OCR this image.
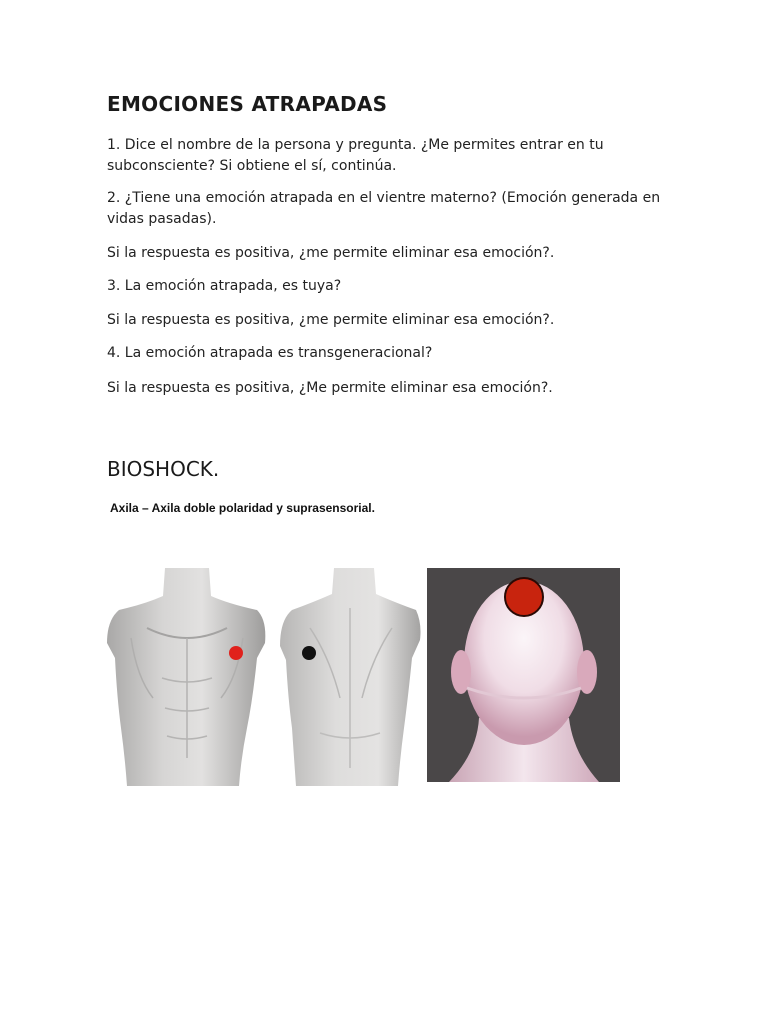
EMOCIONES ATRAPADAS

1. Dice el nombre de la persona y pregunta. ¿Me permites entrar en tu subconsciente? Si obtiene el sí, continúa.

2. ¿Tiene una emoción atrapada en el vientre materno? (Emoción generada en vidas pasadas).

Si la respuesta es positiva, ¿me permite eliminar esa emoción?.

3. La emoción atrapada, es tuya?

Si la respuesta es positiva, ¿me permite eliminar esa emoción?.

4. La emoción atrapada es transgeneracional?

Si la respuesta es positiva, ¿Me permite eliminar esa emoción?.

BIOSHOCK.

Axila – Axila doble polaridad y suprasensorial.
